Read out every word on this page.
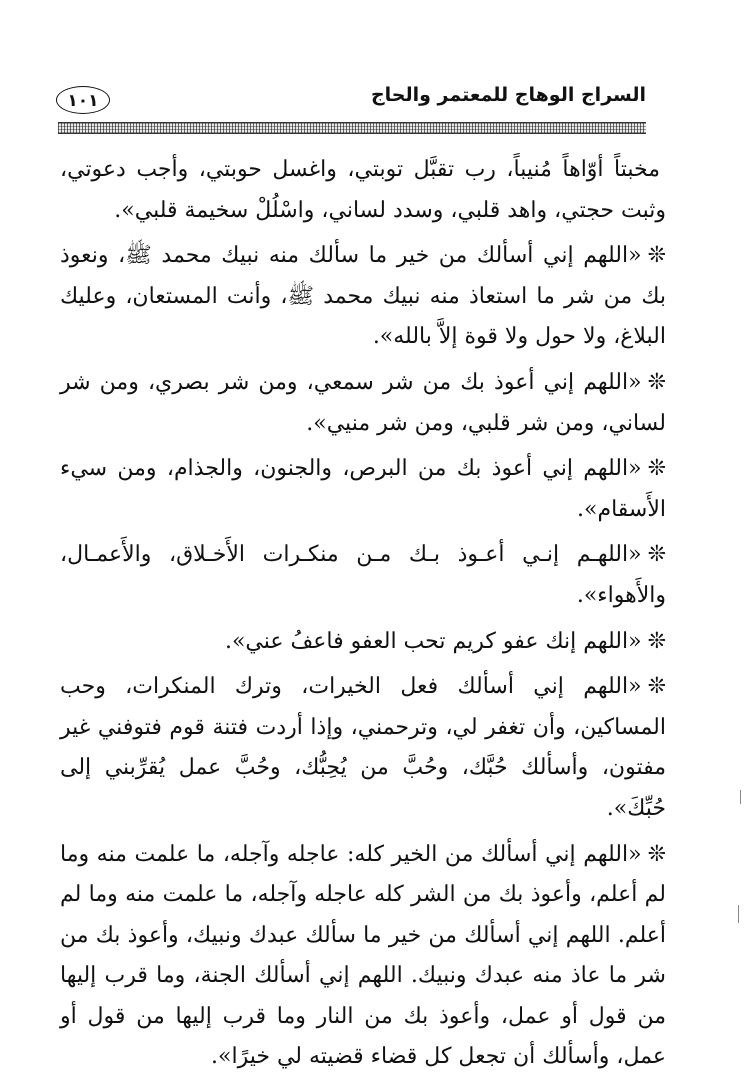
١٠١	السراج الوهاج للمعتمر والحاج

مخبتاً أوّاهاً مُنيباً، رب تقبَّل توبتي، واغسل حوبتي، وأجب دعوتي، وثبت حجتي، واهد قلبي، وسدد لساني، واسْلُلْ سخيمة قلبي».

❊«اللهم إني أسألك من خير ما سألك منه نبيك محمد ﷺ، ونعوذ بك من شر ما استعاذ منه نبيك محمد ﷺ، وأنت المستعان، وعليك البلاغ، ولا حول ولا قوة إلاَّ بالله».

❊«اللهم إني أعوذ بك من شر سمعي، ومن شر بصري، ومن شر لساني، ومن شر قلبي، ومن شر منيي».

❊«اللهم إني أعوذ بك من البرص، والجنون، والجذام، ومن سيء الأَسقام».

❊«اللهـم إنـي أعـوذ بـك مـن منكـرات الأَخـلاق، والأَعمـال، والأَهواء».

❊«اللهم إنك عفو كريم تحب العفو فاعفُ عني».

❊«اللهم إني أسألك فعل الخيرات، وترك المنكرات، وحب المساكين، وأن تغفر لي، وترحمني، وإذا أردت فتنة قوم فتوفني غير مفتون، وأسألك حُبَّك، وحُبَّ من يُحِبُّك، وحُبَّ عمل يُقرِّبني إلى حُبِّكَ».

❊«اللهم إني أسألك من الخير كله: عاجله وآجله، ما علمت منه وما لم أعلم، وأعوذ بك من الشر كله عاجله وآجله، ما علمت منه وما لم أعلم. اللهم إني أسألك من خير ما سألك عبدك ونبيك، وأعوذ بك من شر ما عاذ منه عبدك ونبيك. اللهم إني أسألك الجنة، وما قرب إليها من قول أو عمل، وأعوذ بك من النار وما قرب إليها من قول أو عمل، وأسألك أن تجعل كل قضاء قضيته لي خيرًا».
